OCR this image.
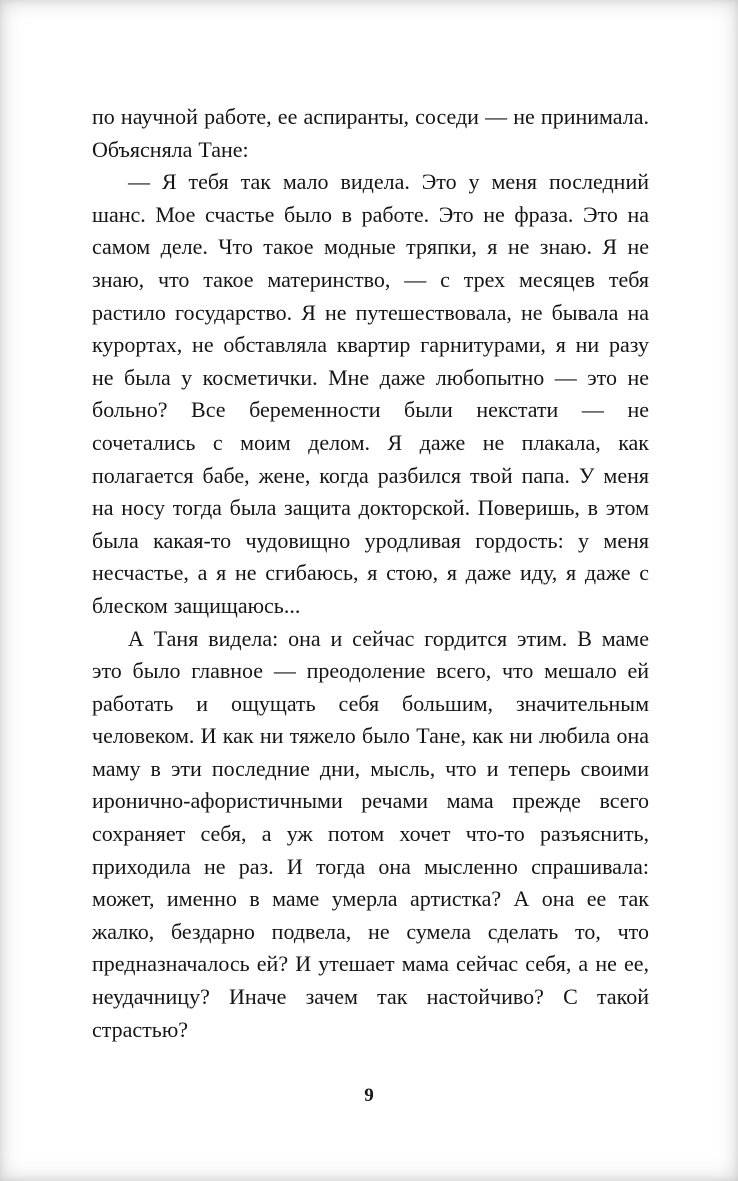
по научной работе, ее аспиранты, соседи — не принимала. Объясняла Тане:

— Я тебя так мало видела. Это у меня последний шанс. Мое счастье было в работе. Это не фраза. Это на самом деле. Что такое модные тряпки, я не знаю. Я не знаю, что такое материнство, — с трех месяцев тебя растило государство. Я не путешествовала, не бывала на курортах, не обставляла квартир гарнитурами, я ни разу не была у косметички. Мне даже любопытно — это не больно? Все беременности были некстати — не сочетались с моим делом. Я даже не плакала, как полагается бабе, жене, когда разбился твой папа. У меня на носу тогда была защита докторской. Поверишь, в этом была какая-то чудовищно уродливая гордость: у меня несчастье, а я не сгибаюсь, я стою, я даже иду, я даже с блеском защищаюсь...

А Таня видела: она и сейчас гордится этим. В маме это было главное — преодоление всего, что мешало ей работать и ощущать себя большим, значительным человеком. И как ни тяжело было Тане, как ни любила она маму в эти последние дни, мысль, что и теперь своими иронично-афористичными речами мама прежде всего сохраняет себя, а уж потом хочет что-то разъяснить, приходила не раз. И тогда она мысленно спрашивала: может, именно в маме умерла артистка? А она ее так жалко, бездарно подвела, не сумела сделать то, что предназначалось ей? И утешает мама сейчас себя, а не ее, неудачницу? Иначе зачем так настойчиво? С такой страстью?

9
